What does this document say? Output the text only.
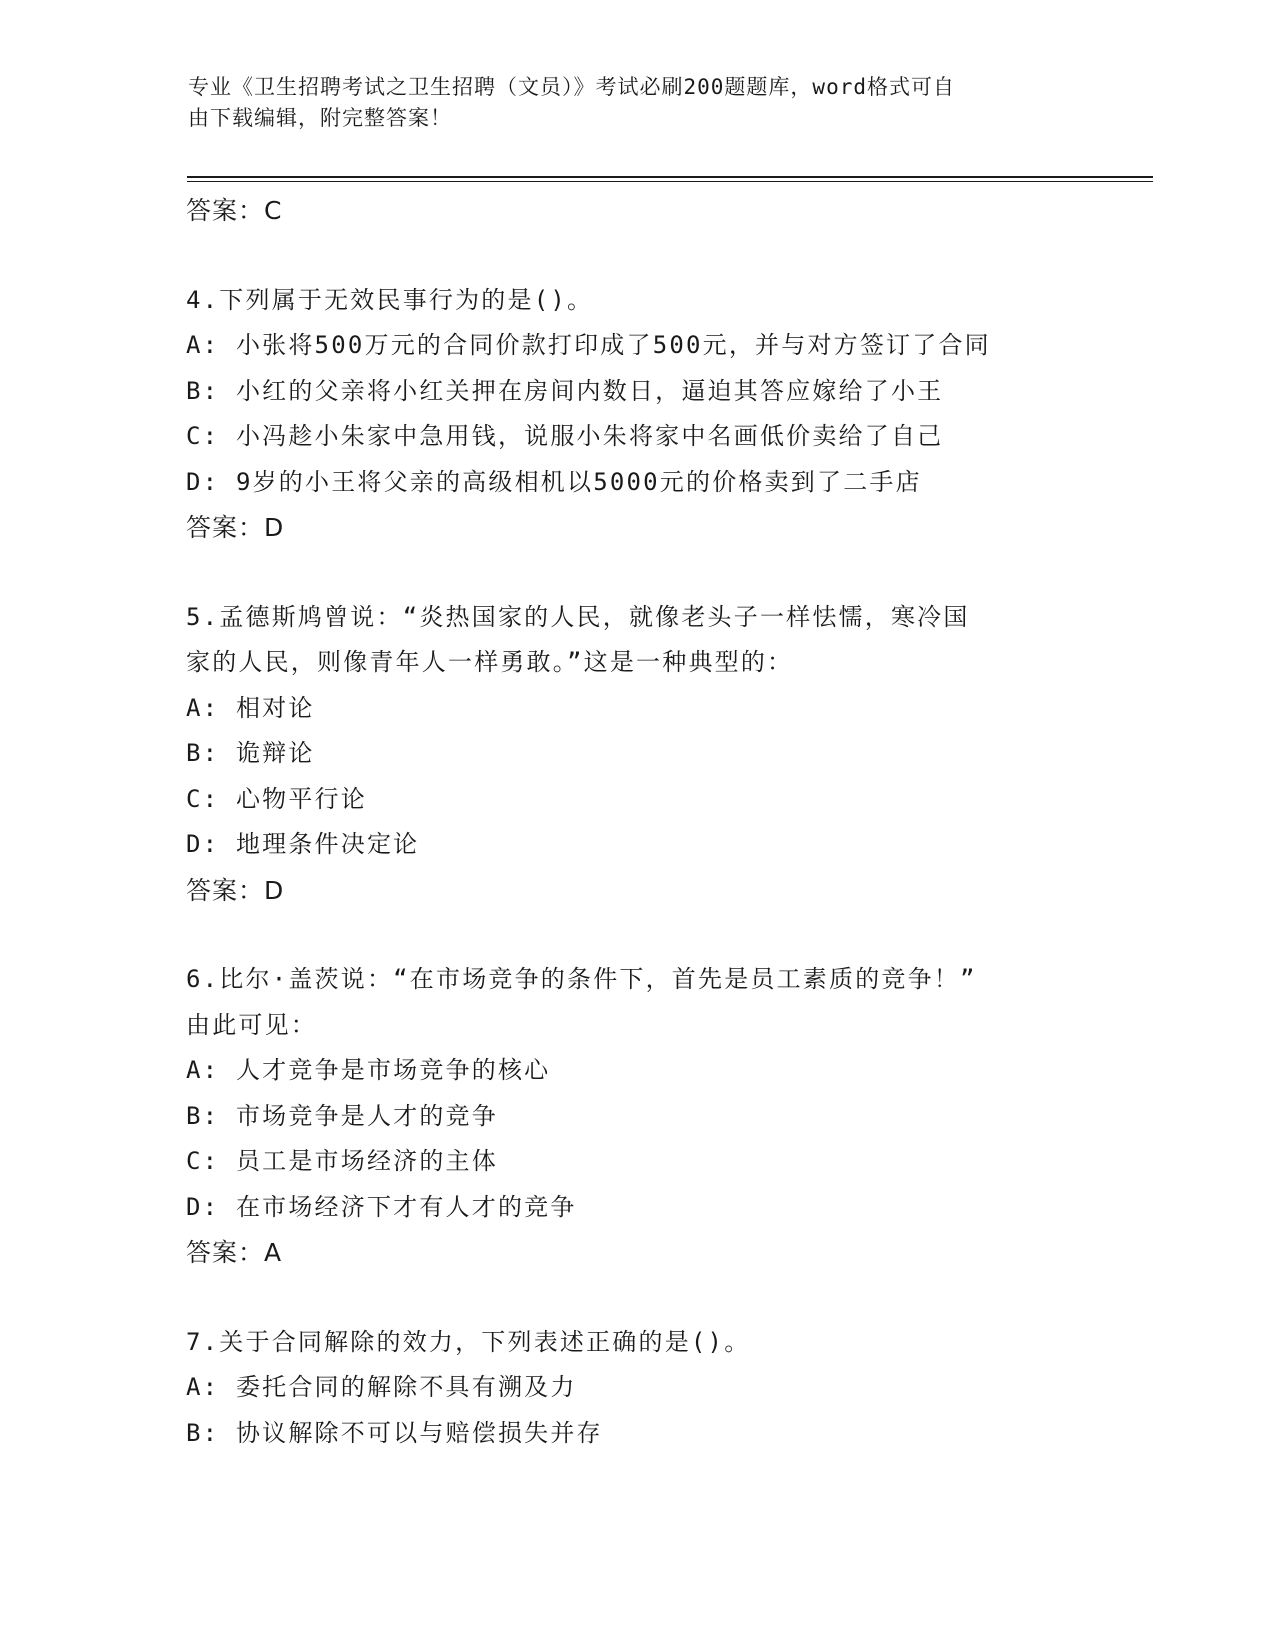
专业《卫生招聘考试之卫生招聘（文员）》考试必刷200题题库，word格式可自
由下载编辑，附完整答案！
答案：C
4.下列属于无效民事行为的是()。
A: 小张将500万元的合同价款打印成了500元，并与对方签订了合同
B: 小红的父亲将小红关押在房间内数日，逼迫其答应嫁给了小王
C: 小冯趁小朱家中急用钱，说服小朱将家中名画低价卖给了自己
D: 9岁的小王将父亲的高级相机以5000元的价格卖到了二手店
答案：D
5.孟德斯鸠曾说：“炎热国家的人民，就像老头子一样怯懦，寒冷国
家的人民，则像青年人一样勇敢。”这是一种典型的：
A: 相对论
B: 诡辩论
C: 心物平行论
D: 地理条件决定论
答案：D
6.比尔·盖茨说：“在市场竞争的条件下，首先是员工素质的竞争！”
由此可见：
A: 人才竞争是市场竞争的核心
B: 市场竞争是人才的竞争
C: 员工是市场经济的主体
D: 在市场经济下才有人才的竞争
答案：A
7.关于合同解除的效力，下列表述正确的是()。
A: 委托合同的解除不具有溯及力
B: 协议解除不可以与赔偿损失并存
